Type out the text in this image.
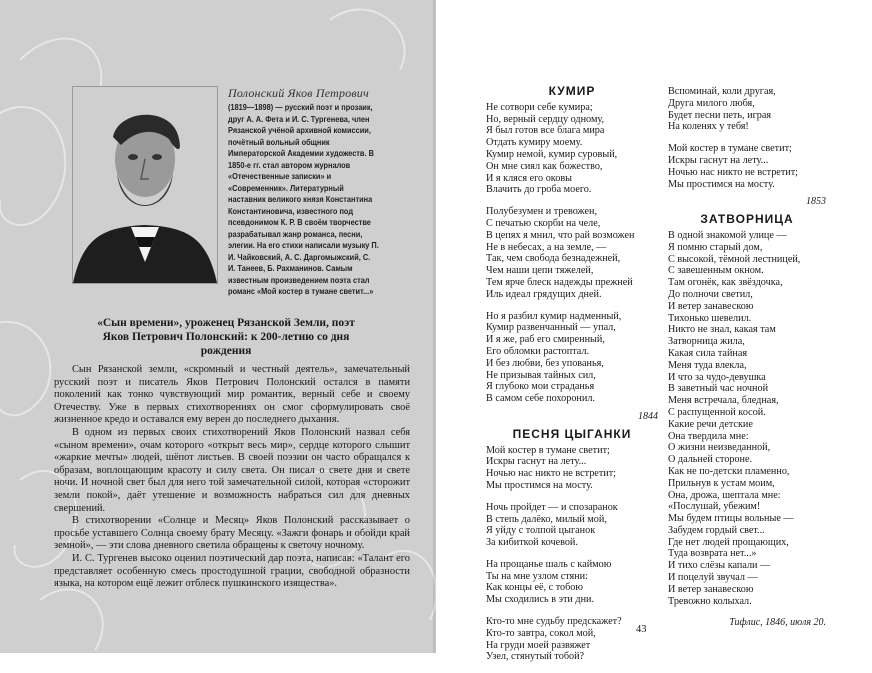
Полонский Яков Петрович
(1819—1898) — русский поэт и прозаик, друг А. А. Фета и И. С. Тургенева, член Рязанской учёной архивной комиссии, почётный вольный общник Императорской Академии художеств. В 1850-е гг. стал автором журналов «Отечественные записки» и «Современник». Литературный наставник великого князя Константина Константиновича, известного под псевдонимом К. Р. В своём творчестве разрабатывал жанр романса, песни, элегии. На его стихи написали музыку П. И. Чайковский, А. С. Даргомыжский, С. И. Танеев, Б. Рахманинов. Самым известным произведением поэта стал романс «Мой костер в тумане светит...»
«Сын времени», уроженец Рязанской Земли, поэт Яков Петрович Полонский: к 200-летию со дня рождения

Сын Рязанской земли, «скромный и честный деятель», замечательный русский поэт и писатель Яков Петрович Полонский остался в памяти поколений как тонко чувствующий мир романтик, верный себе и своему Отечеству. Уже в первых стихотворениях он смог сформулировать своё жизненное кредо и оставался ему верен до последнего дыхания.

В одном из первых своих стихотворений Яков Полонский назвал себя «сыном времени», очам которого «открыт весь мир», сердце которого слышит «жаркие мечты» людей, шёпот листьев. В своей поэзии он часто обращался к образам, воплощающим красоту и силу света. Он писал о свете дня и свете ночи. И ночной свет был для него той замечательной силой, которая «сторожит земли покой», даёт утешение и возможность набраться сил для дневных свершений.

В стихотворении «Солнце и Месяц» Яков Полонский рассказывает о просьбе уставшего Солнца своему брату Месяцу. «Зажги фонарь и обойди край земной», — эти слова дневного светила обращены к светочу ночному.

И. С. Тургенев высоко оценил поэтический дар поэта, написав: «Талант его представляет особенную смесь простодушной грации, свободной образности языка, на котором ещё лежит отблеск пушкинского изящества».

КУМИР
Не сотвори себе кумира;
Но, верный сердцу одному,
Я был готов все блага мира
Отдать кумиру моему.
Кумир немой, кумир суровый,
Он мне сиял как божество,
И я кляся его оковы
Влачить до гроба моего.
Полубезумен и тревожен,
С печатью скорби на челе,
В цепях я мнил, что рай возможен
Не в небесах, а на земле, —
Так, чем свобода безнадежней,
Чем наши цепи тяжелей,
Тем ярче блеск надежды прежней
Иль идеал грядущих дней.
Но я разбил кумир надменный,
Кумир развенчанный — упал,
И я же, раб его смиренный,
Его обломки растоптал.
И без любви, без упованья,
Не призывая тайных сил,
Я глубоко мои страданья
В самом себе похоронил.
1844
ПЕСНЯ ЦЫГАНКИ
Мой костер в тумане светит;
Искры гаснут на лету...
Ночью нас никто не встретит;
Мы простимся на мосту.
Ночь пройдет — и спозаранок
В степь далёко, милый мой,
Я уйду с толпой цыганок
За кибиткой кочевой.
На прощанье шаль с каймою
Ты на мне узлом стяни:
Как концы её, с тобою
Мы сходились в эти дни.
Кто-то мне судьбу предскажет?
Кто-то завтра, сокол мой,
На груди моей развяжет
Узел, стянутый тобой?
Вспоминай, коли другая,
Друга милого любя,
Будет песни петь, играя
На коленях у тебя!
Мой костер в тумане светит;
Искры гаснут на лету...
Ночью нас никто не встретит;
Мы простимся на мосту.
1853
ЗАТВОРНИЦА
В одной знакомой улице —
Я помню старый дом,
С высокой, тёмной лестницей,
С завешенным окном.
Там огонёк, как звёздочка,
До полночи светил,
И ветер занавескою
Тихонько шевелил.
Никто не знал, какая там
Затворница жила,
Какая сила тайная
Меня туда влекла,
И что за чудо-девушка
В заветный час ночной
Меня встречала, бледная,
С распущенной косой.
Какие речи детские
Она твердила мне:
О жизни неизведанной,
О дальней стороне.
Как не по-детски пламенно,
Прильнув к устам моим,
Она, дрожа, шептала мне:
«Послушай, убежим!
Мы будем птицы вольные —
Забудем гордый свет...
Где нет людей прощающих,
Туда возврата нет...»
И тихо слёзы капали —
И поцелуй звучал —
И ветер занавескою
Тревожно колыхал.
Тифлис, 1846, июля 20.
43
